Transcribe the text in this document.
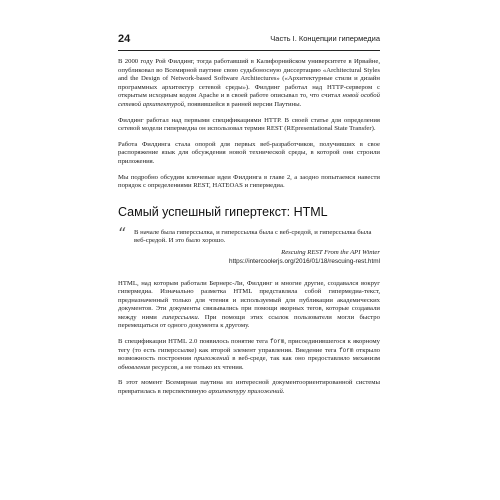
24	Часть I. Концепции гипермедиа

В 2000 году Рой Филдинг, тогда работавший в Калифорнийском университете в Ирвайне, опубликовал во Всемирной паутине свою судьбоносную диссертацию «Architectural Styles and the Design of Network-based Software Architectures» («Архитектурные стили и дизайн программных архитектур сетевой среды»). Филдинг работал над HTTP-сервером с открытым исходным кодом Apache и в своей работе описывал то, что считал новой особой сетевой архитектурой, появившейся в ранней версии Паутины.

Филдинг работал над первыми спецификациями HTTP. В своей статье для определения сетевой модели гипермедиа он использовал термин REST (REpresentational State Transfer).

Работа Филдинга стала опорой для первых веб-разработчиков, получивших в свое распоряжение язык для обсуждения новой технической среды, в которой они строили приложения.

Мы подробно обсудим ключевые идеи Филдинга в главе 2, а заодно попытаемся навести порядок с определениями REST, HATEOAS и гипермедиа.

Самый успешный гипертекст: HTML
“ В начале была гиперссылка, и гиперссылка была с веб-средой, и гиперссылка была веб-средой. И это было хорошо.

Rescuing REST From the API Winter

https://intercoolerjs.org/2016/01/18/rescuing-rest.html

HTML, над которым работали Бернерс-Ли, Филдинг и многие другие, создавался вокруг гипермедиа. Изначально разметка HTML представляла собой гипермедиа-текст, предназначенный только для чтения и используемый для публикации академических документов. Эти документы связывались при помощи якорных тегов, которые создавали между ними гиперссылки. При помощи этих ссылок пользователи могли быстро перемещаться от одного документа к другому.

В спецификации HTML 2.0 появилось понятие тега form, присоединившегося к якорному тегу (то есть гиперссылке) как второй элемент управления. Введение тега form открыло возможность построения приложений в веб-среде, так как оно предоставляло механизм обновления ресурсов, а не только их чтения.

В этот момент Всемирная паутина из интересной документоориентированной системы превратилась в перспективную архитектуру приложений.
